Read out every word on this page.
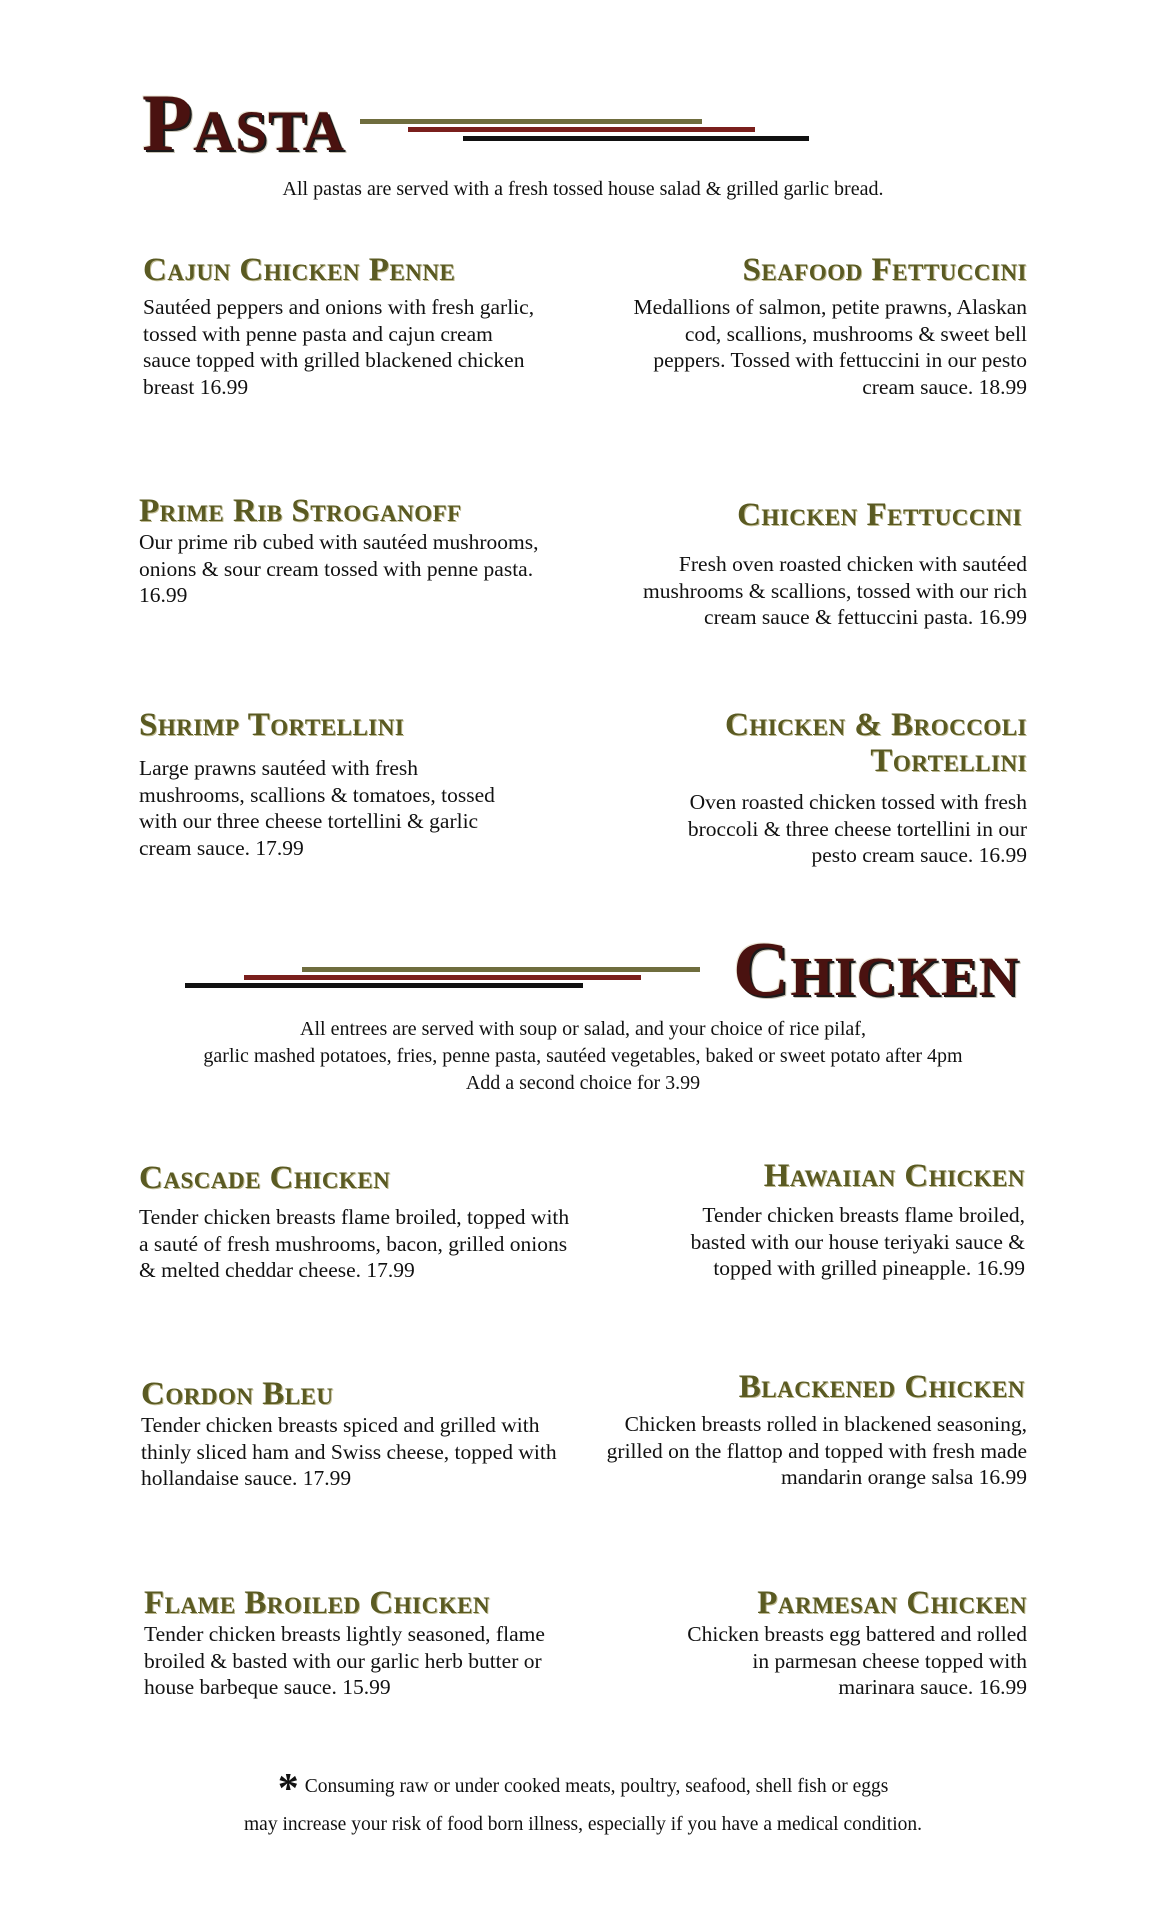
Pasta
All pastas are served with a fresh tossed house salad & grilled garlic bread.
Cajun Chicken Penne
Sautéed peppers and onions with fresh garlic, tossed with penne pasta and cajun cream sauce topped with grilled blackened chicken breast 16.99
Seafood Fettuccini
Medallions of salmon, petite prawns, Alaskan cod, scallions, mushrooms & sweet bell peppers. Tossed with fettuccini in our pesto cream sauce. 18.99
Prime Rib Stroganoff
Our prime rib cubed with sautéed mushrooms, onions & sour cream tossed with penne pasta. 16.99
Chicken Fettuccini
Fresh oven roasted chicken with sautéed mushrooms & scallions, tossed with our rich cream sauce & fettuccini pasta. 16.99
Shrimp Tortellini
Large prawns sautéed with fresh mushrooms, scallions & tomatoes, tossed with our three cheese tortellini & garlic cream sauce. 17.99
Chicken & Broccoli Tortellini
Oven roasted chicken tossed with fresh broccoli & three cheese tortellini in our pesto cream sauce. 16.99
Chicken
All entrees are served with soup or salad, and your choice of rice pilaf,
garlic mashed potatoes, fries, penne pasta, sautéed vegetables, baked or sweet potato after 4pm
Add a second choice for 3.99
Cascade Chicken
Tender chicken breasts flame broiled, topped with a sauté of fresh mushrooms, bacon, grilled onions & melted cheddar cheese. 17.99
Hawaiian Chicken
Tender chicken breasts flame broiled, basted with our house teriyaki sauce & topped with grilled pineapple. 16.99
Cordon Bleu
Tender chicken breasts spiced and grilled with thinly sliced ham and Swiss cheese, topped with hollandaise sauce. 17.99
Blackened Chicken
Chicken breasts rolled in blackened seasoning, grilled on the flattop and topped with fresh made mandarin orange salsa 16.99
Flame Broiled Chicken
Tender chicken breasts lightly seasoned, flame broiled & basted with our garlic herb butter or house barbeque sauce. 15.99
Parmesan Chicken
Chicken breasts egg battered and rolled in parmesan cheese topped with marinara sauce. 16.99
* Consuming raw or under cooked meats, poultry, seafood, shell fish or eggs
may increase your risk of food born illness, especially if you have a medical condition.
